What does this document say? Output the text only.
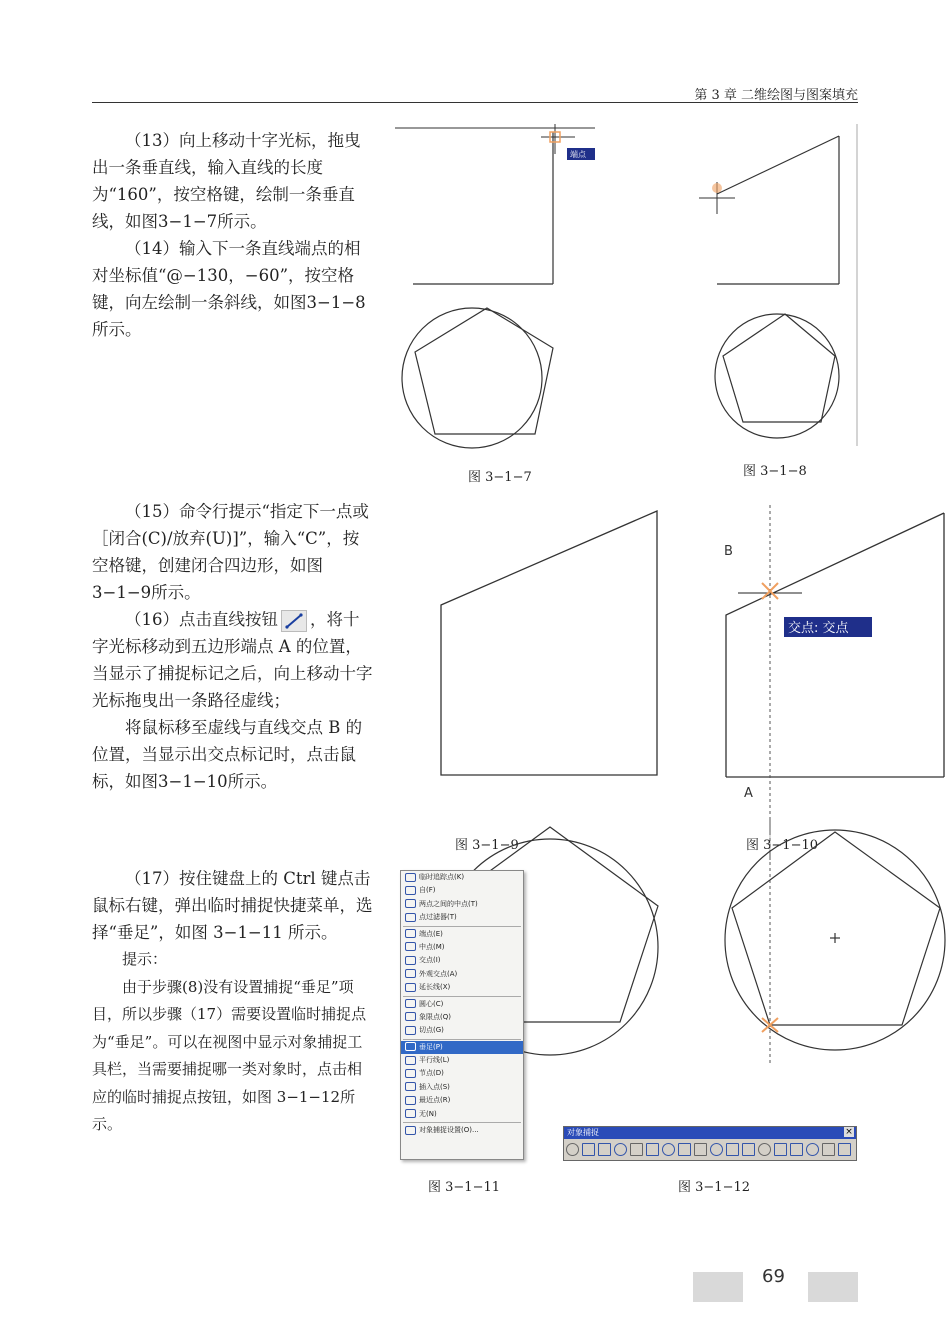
第 3 章 二维绘图与图案填充

（13）向上移动十字光标，拖曳出一条垂直线，输入直线的长度为“160”，按空格键，绘制一条垂直线，如图3−1−7所示。

（14）输入下一条直线端点的相对坐标值“@−130，−60”，按空格键，向左绘制一条斜线，如图3−1−8 所示。

（15）命令行提示“指定下一点或［闭合(C)/放弃(U)]”，输入“C”，按空格键，创建闭合四边形，如图3−1−9所示。

（16）点击直线按钮 ，将十字光标移动到五边形端点 A 的位置，当显示了捕捉标记之后，向上移动十字光标拖曳出一条路径虚线；

将鼠标移至虚线与直线交点 B 的位置，当显示出交点标记时，点击鼠标，如图3−1−10所示。

（17）按住键盘上的 Ctrl 键点击鼠标右键，弹出临时捕捉快捷菜单，选择“垂足”，如图 3−1−11 所示。

提示：

由于步骤(8)没有设置捕捉“垂足”项目，所以步骤（17）需要设置临时捕捉点为“垂足”。可以在视图中显示对象捕捉工具栏，当需要捕捉哪一类对象时，点击相应的临时捕捉点按钮，如图 3−1−12所示。

端点
图 3−1−7	图 3−1−8
交点: 交点
B
A
图 3−1−9	图 3−1−10
临时追踪点(K)
自(F)
两点之间的中点(T)
点过滤器(T)
端点(E)
中点(M)
交点(I)
外观交点(A)
延长线(X)
圆心(C)
象限点(Q)
切点(G)
垂足(P)
平行线(L)
节点(D)
插入点(S)
最近点(R)
无(N)
对象捕捉设置(O)...	对象捕捉	×
图 3−1−11	图 3−1−12
69
